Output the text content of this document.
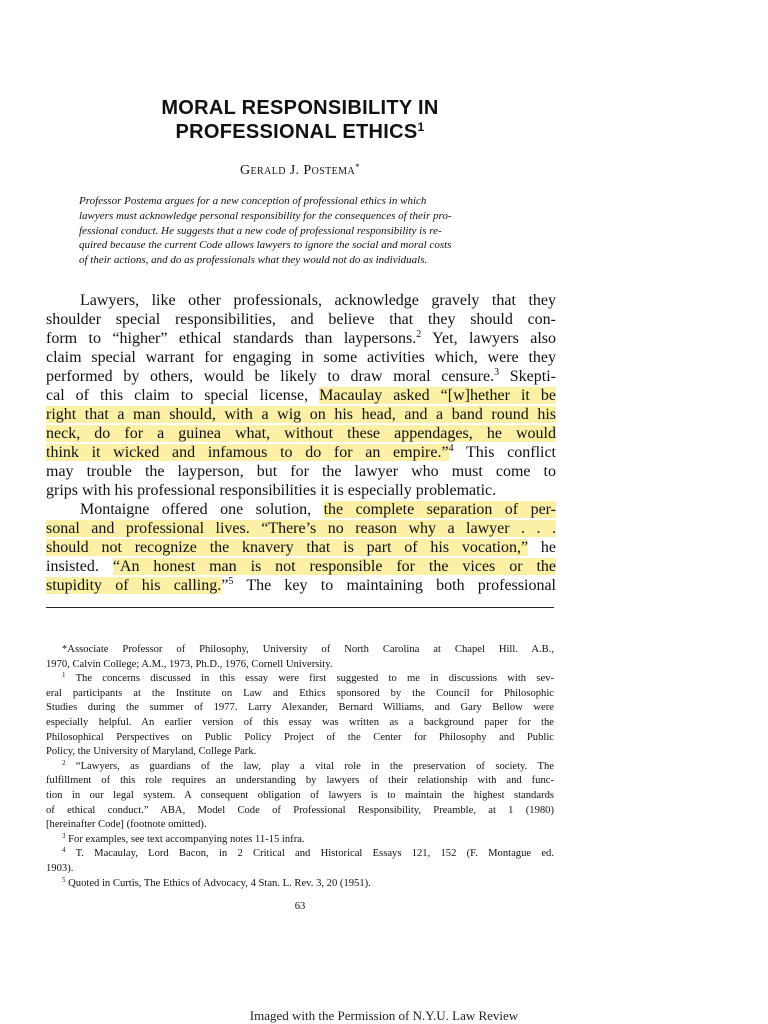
MORAL RESPONSIBILITY IN
PROFESSIONAL ETHICS$^1$
Gerald J. Postema*
Professor Postema argues for a new conception of professional ethics in which
lawyers must acknowledge personal responsibility for the consequences of their pro-
fessional conduct. He suggests that a new code of professional responsibility is re-
quired because the current Code allows lawyers to ignore the social and moral costs
of their actions, and do as professionals what they would not do as individuals.
Lawyers, like other professionals, acknowledge gravely that they
shoulder special responsibilities, and believe that they should con-
form to “higher” ethical standards than laypersons.$^2$ Yet, lawyers also
claim special warrant for engaging in some activities which, were they
performed by others, would be likely to draw moral censure.$^3$ Skepti-
cal of this claim to special license, Macaulay asked “[w]hether it be
right that a man should, with a wig on his head, and a band round his
neck, do for a guinea what, without these appendages, he would
think it wicked and infamous to do for an empire.”$^4$ This conflict
may trouble the layperson, but for the lawyer who must come to
grips with his professional responsibilities it is especially problematic.
Montaigne offered one solution, the complete separation of per-
sonal and professional lives. “There’s no reason why a lawyer . . .
should not recognize the knavery that is part of his vocation,” he
insisted. “An honest man is not responsible for the vices or the
stupidity of his calling.”$^5$ The key to maintaining both professional
*Associate Professor of Philosophy, University of North Carolina at Chapel Hill. A.B.,
1970, Calvin College; A.M., 1973, Ph.D., 1976, Cornell University.
$^1$ The concerns discussed in this essay were first suggested to me in discussions with sev-
eral participants at the Institute on Law and Ethics sponsored by the Council for Philosophic
Studies during the summer of 1977. Larry Alexander, Bernard Williams, and Gary Bellow were
especially helpful. An earlier version of this essay was written as a background paper for the
Philosophical Perspectives on Public Policy Project of the Center for Philosophy and Public
Policy, the University of Maryland, College Park.
$^2$ “Lawyers, as guardians of the law, play a vital role in the preservation of society. The
fulfillment of this role requires an understanding by lawyers of their relationship with and func-
tion in our legal system. A consequent obligation of lawyers is to maintain the highest standards
of ethical conduct.” ABA, Model Code of Professional Responsibility, Preamble, at 1 (1980)
[hereinafter Code] (footnote omitted).
$^3$ For examples, see text accompanying notes 11-15 infra.
$^4$ T. Macaulay, Lord Bacon, in 2 Critical and Historical Essays 121, 152 (F. Montague ed.
1903).
$^5$ Quoted in Curtis, The Ethics of Advocacy, 4 Stan. L. Rev. 3, 20 (1951).
63
Imaged with the Permission of N.Y.U. Law Review
